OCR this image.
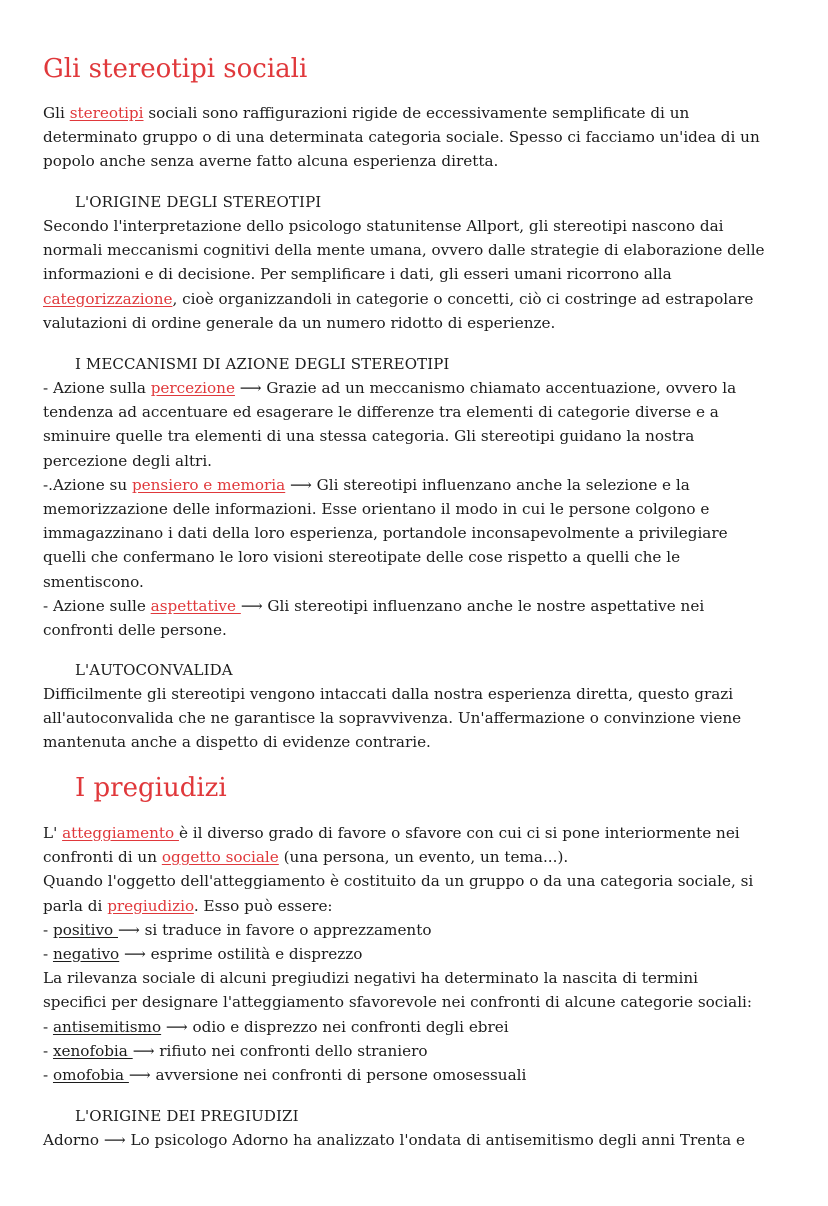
Gli stereotipi sociali
Gli stereotipi sociali sono raffigurazioni rigide de eccessivamente semplificate di un
determinato gruppo o di una determinata categoria sociale. Spesso ci facciamo un'idea di un
popolo anche senza averne fatto alcuna esperienza diretta.
L'ORIGINE DEGLI STEREOTIPI
Secondo l'interpretazione dello psicologo statunitense Allport, gli stereotipi nascono dai
normali meccanismi cognitivi della mente umana, ovvero dalle strategie di elaborazione delle
informazioni e di decisione. Per semplificare i dati, gli esseri umani ricorrono alla
categorizzazione, cioè organizzandoli in categorie o concetti, ciò ci costringe ad estrapolare
valutazioni di ordine generale da un numero ridotto di esperienze.
I MECCANISMI DI AZIONE DEGLI STEREOTIPI
- Azione sulla percezione ⟶ Grazie ad un meccanismo chiamato accentuazione, ovvero la
tendenza ad accentuare ed esagerare le differenze tra elementi di categorie diverse e a
sminuire quelle tra elementi di una stessa categoria. Gli stereotipi guidano la nostra
percezione degli altri.
-.Azione su pensiero e memoria ⟶ Gli stereotipi influenzano anche la selezione e la
memorizzazione delle informazioni. Esse orientano il modo in cui le persone colgono e
immagazzinano i dati della loro esperienza, portandole inconsapevolmente a privilegiare
quelli che confermano le loro visioni stereotipate delle cose rispetto a quelli che le
smentiscono.
- Azione sulle aspettative ⟶ Gli stereotipi influenzano anche le nostre aspettative nei
confronti delle persone.
L'AUTOCONVALIDA
Difficilmente gli stereotipi vengono intaccati dalla nostra esperienza diretta, questo grazi
all'autoconvalida che ne garantisce la sopravvivenza. Un'affermazione o convinzione viene
mantenuta anche a dispetto di evidenze contrarie.
I pregiudizi
L' atteggiamento è il diverso grado di favore o sfavore con cui ci si pone interiormente nei
confronti di un oggetto sociale (una persona, un evento, un tema...).
Quando l'oggetto dell'atteggiamento è costituito da un gruppo o da una categoria sociale, si
parla di pregiudizio. Esso può essere:
- positivo ⟶ si traduce in favore o apprezzamento
- negativo ⟶ esprime ostilità e disprezzo
La rilevanza sociale di alcuni pregiudizi negativi ha determinato la nascita di termini
specifici per designare l'atteggiamento sfavorevole nei confronti di alcune categorie sociali:
- antisemitismo ⟶ odio e disprezzo nei confronti degli ebrei
- xenofobia ⟶ rifiuto nei confronti dello straniero
- omofobia ⟶ avversione nei confronti di persone omosessuali
L'ORIGINE DEI PREGIUDIZI
Adorno ⟶ Lo psicologo Adorno ha analizzato l'ondata di antisemitismo degli anni Trenta e
